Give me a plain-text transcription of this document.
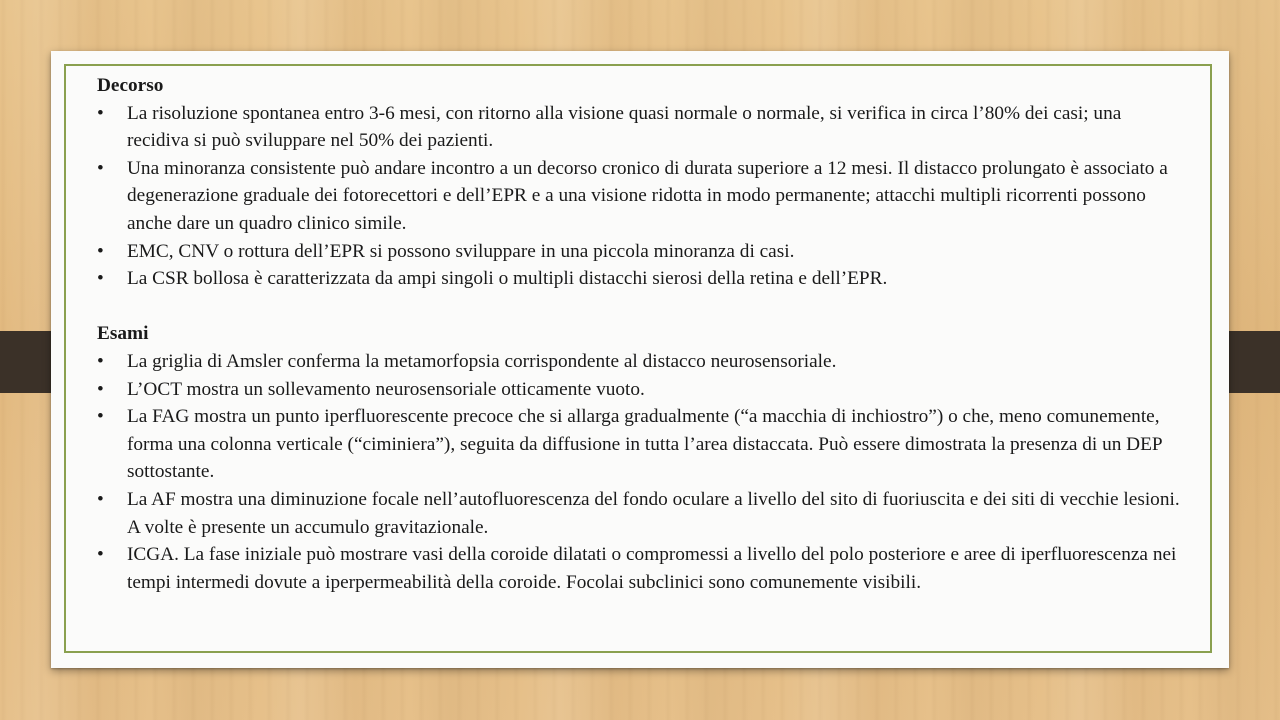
Decorso

•	La risoluzione spontanea entro 3-6 mesi, con ritorno alla visione quasi normale o normale, si verifica in circa l’80% dei casi; una recidiva si può sviluppare nel 50% dei pazienti.
•	Una minoranza consistente può andare incontro a un decorso cronico di durata superiore a 12 mesi. Il distacco prolungato è associato a degenerazione graduale dei fotorecettori e dell’EPR e a una visione ridotta in modo permanente; attacchi multipli ricorrenti possono anche dare un quadro clinico simile.
•	EMC, CNV o rottura dell’EPR si possono sviluppare in una piccola minoranza di casi.
•	La CSR bollosa è caratterizzata da ampi singoli o multipli distacchi sierosi della retina e dell’EPR.

Esami

•	La griglia di Amsler conferma la metamorfopsia corrispondente al distacco neurosensoriale.
•	L’OCT mostra un sollevamento neurosensoriale otticamente vuoto.
•	La FAG mostra un punto iperfluorescente precoce che si allarga gradualmente (“a macchia di inchiostro”) o che, meno comunemente, forma una colonna verticale (“ciminiera”), seguita da diffusione in tutta l’area distaccata. Può essere dimostrata la presenza di un DEP sottostante.
•	La AF mostra una diminuzione focale nell’autofluorescenza del fondo oculare a livello del sito di fuoriuscita e dei siti di vecchie lesioni. A volte è presente un accumulo gravitazionale.
•	ICGA. La fase iniziale può mostrare vasi della coroide dilatati o compromessi a livello del polo posteriore e aree di iperfluorescenza nei tempi intermedi dovute a iperpermeabilità della coroide. Focolai subclinici sono comunemente visibili.
